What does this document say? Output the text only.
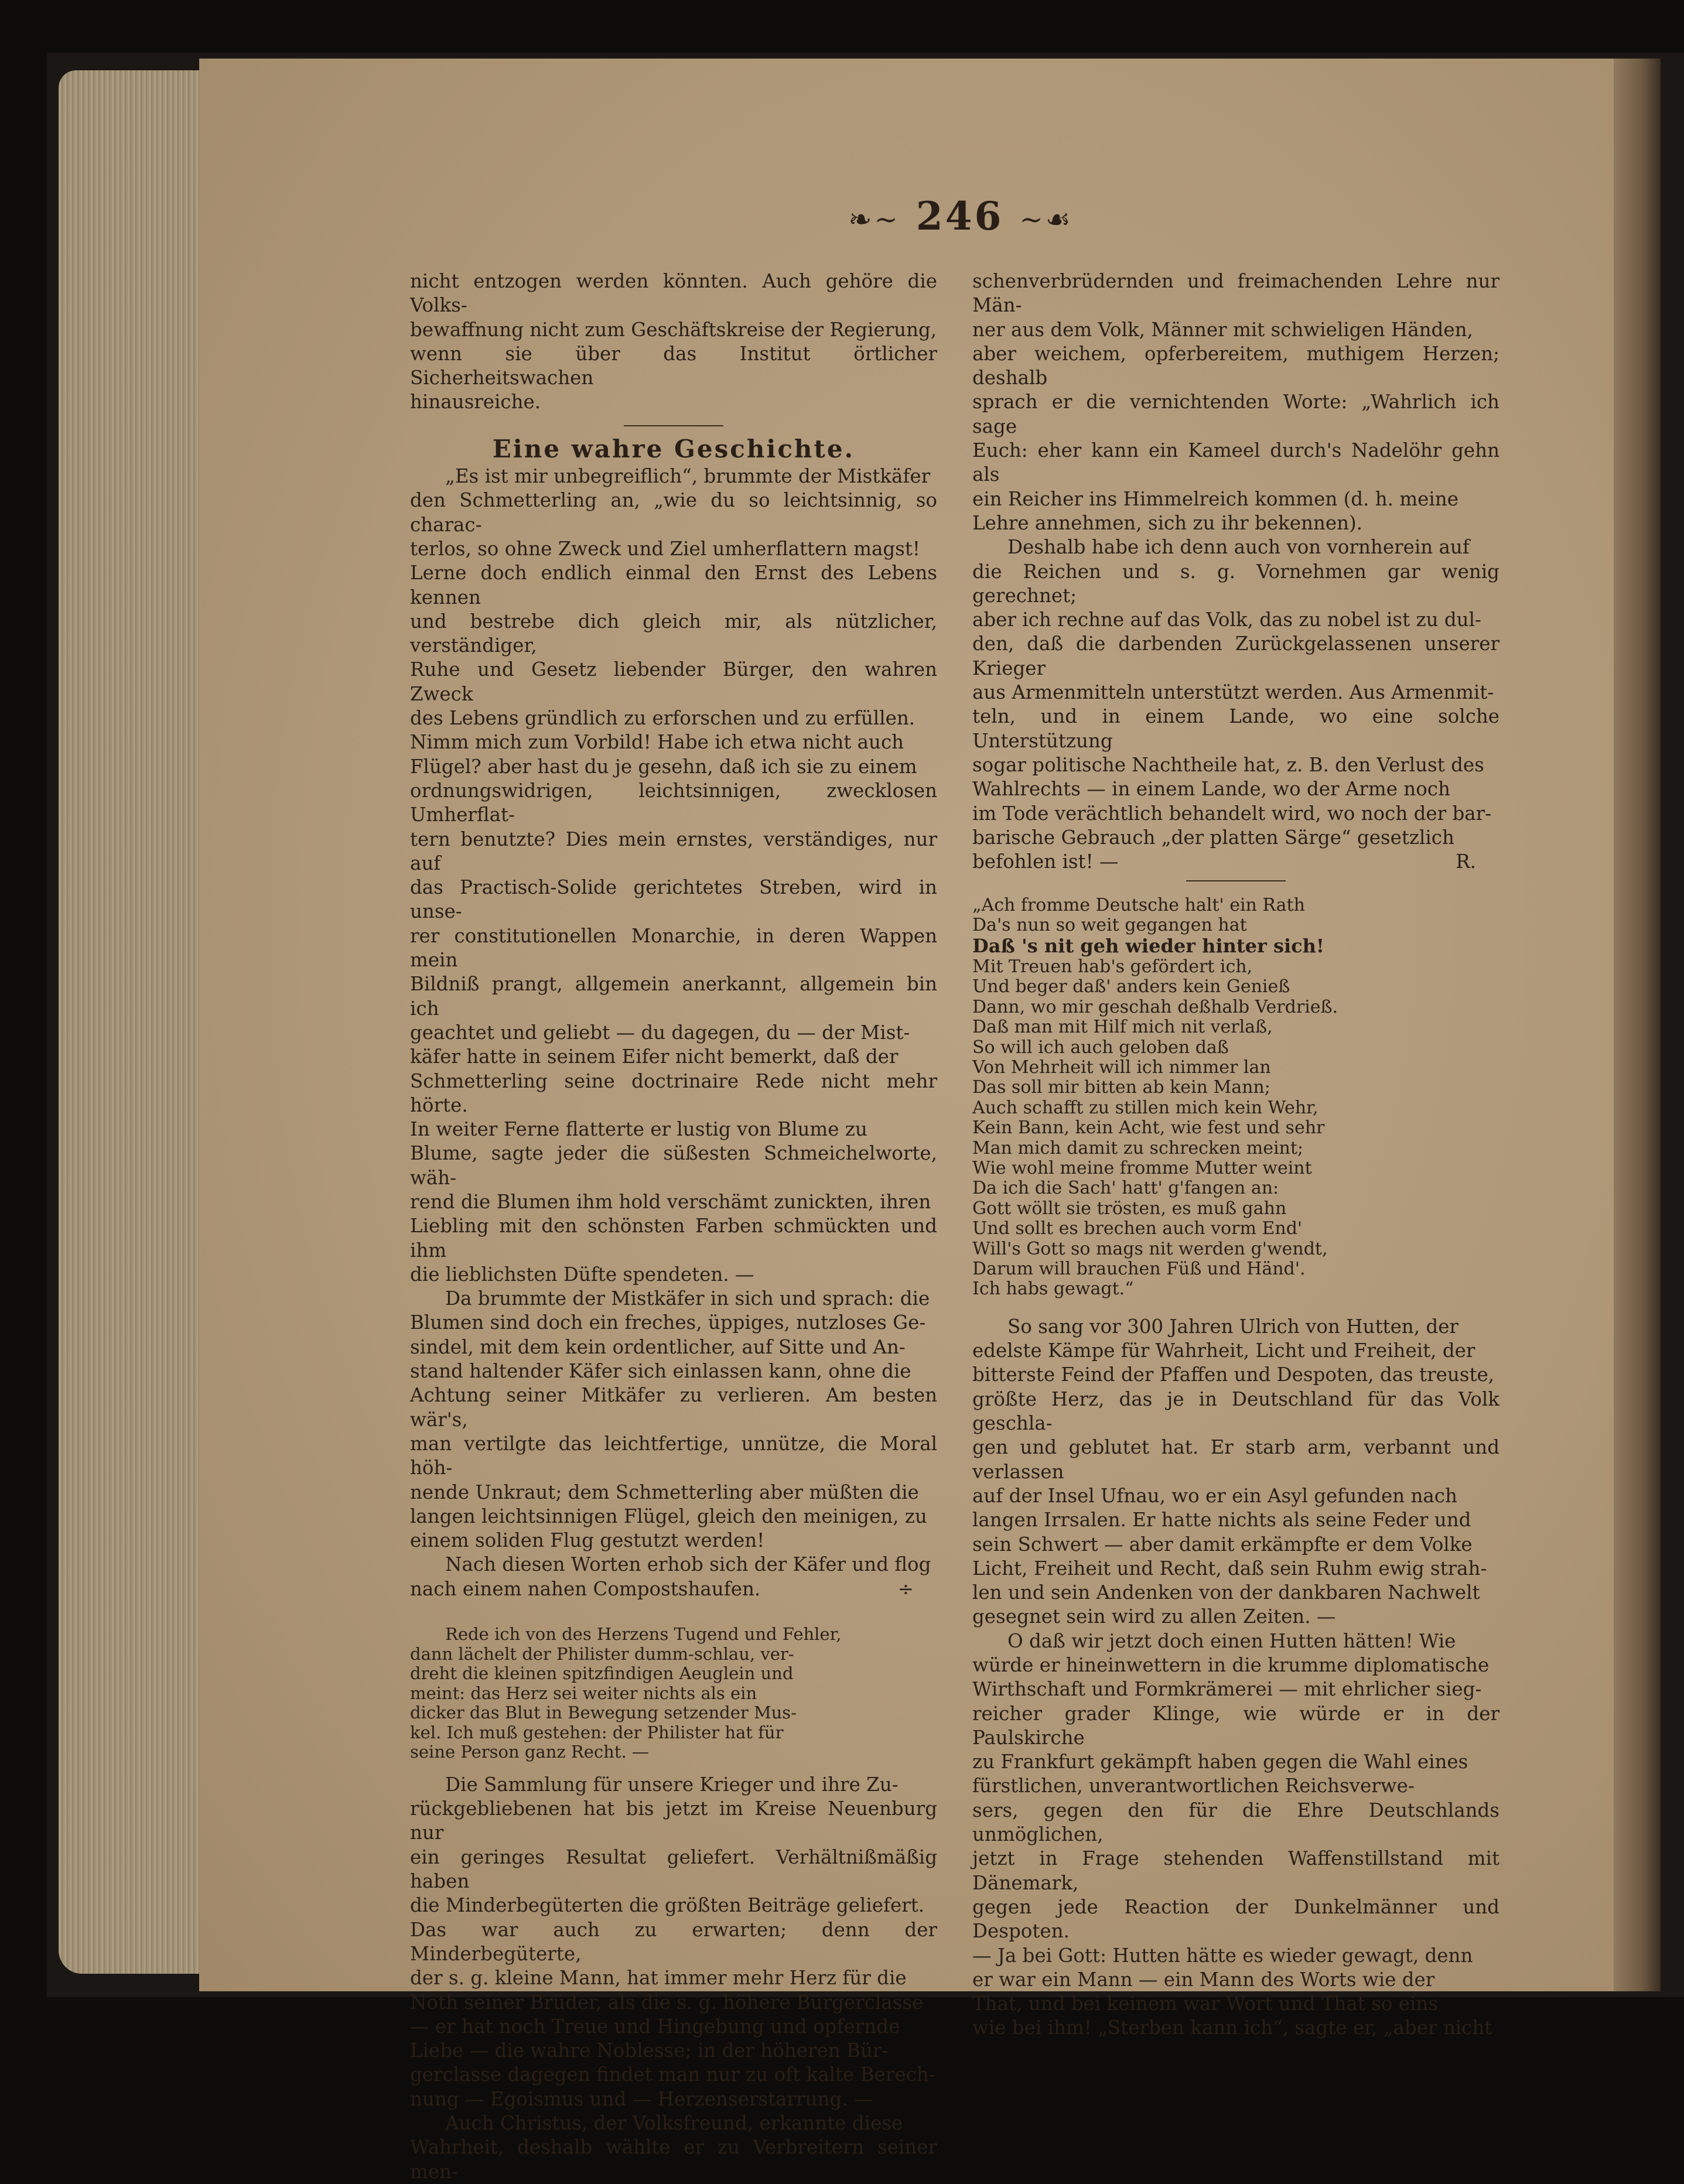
❧∼ 246 ∼☙

nicht entzogen werden könnten. Auch gehöre die Volks-
bewaffnung nicht zum Geschäftskreise der Regierung,
wenn sie über das Institut örtlicher Sicherheitswachen
hinausreiche.

Eine wahre Geschichte.

„Es ist mir unbegreiflich“, brummte der Mistkäfer
den Schmetterling an, „wie du so leichtsinnig, so charac-
terlos, so ohne Zweck und Ziel umherflattern magst!
Lerne doch endlich einmal den Ernst des Lebens kennen
und bestrebe dich gleich mir, als nützlicher, verständiger,
Ruhe und Gesetz liebender Bürger, den wahren Zweck
des Lebens gründlich zu erforschen und zu erfüllen.
Nimm mich zum Vorbild! Habe ich etwa nicht auch
Flügel? aber hast du je gesehn, daß ich sie zu einem
ordnungswidrigen, leichtsinnigen, zwecklosen Umherflat-
tern benutzte? Dies mein ernstes, verständiges, nur auf
das Practisch-Solide gerichtetes Streben, wird in unse-
rer constitutionellen Monarchie, in deren Wappen mein
Bildniß prangt, allgemein anerkannt, allgemein bin ich
geachtet und geliebt — du dagegen, du — der Mist-
käfer hatte in seinem Eifer nicht bemerkt, daß der
Schmetterling seine doctrinaire Rede nicht mehr hörte.
In weiter Ferne flatterte er lustig von Blume zu
Blume, sagte jeder die süßesten Schmeichelworte, wäh-
rend die Blumen ihm hold verschämt zunickten, ihren
Liebling mit den schönsten Farben schmückten und ihm
die lieblichsten Düfte spendeten. —

Da brummte der Mistkäfer in sich und sprach: die
Blumen sind doch ein freches, üppiges, nutzloses Ge-
sindel, mit dem kein ordentlicher, auf Sitte und An-
stand haltender Käfer sich einlassen kann, ohne die
Achtung seiner Mitkäfer zu verlieren. Am besten wär's,
man vertilgte das leichtfertige, unnütze, die Moral höh-
nende Unkraut; dem Schmetterling aber müßten die
langen leichtsinnigen Flügel, gleich den meinigen, zu
einem soliden Flug gestutzt werden!

Nach diesen Worten erhob sich der Käfer und flog
nach einem nahen Compostshaufen.	÷

Rede ich von des Herzens Tugend und Fehler,
dann lächelt der Philister dumm-schlau, ver-
dreht die kleinen spitzfindigen Aeuglein und
meint: das Herz sei weiter nichts als ein
dicker das Blut in Bewegung setzender Mus-
kel. Ich muß gestehen: der Philister hat für
seine Person ganz Recht. —

Die Sammlung für unsere Krieger und ihre Zu-
rückgebliebenen hat bis jetzt im Kreise Neuenburg nur
ein geringes Resultat geliefert. Verhältnißmäßig haben
die Minderbegüterten die größten Beiträge geliefert.
Das war auch zu erwarten; denn der Minderbegüterte,
der s. g. kleine Mann, hat immer mehr Herz für die
Noth seiner Brüder, als die s. g. höhere Bürgerclasse
— er hat noch Treue und Hingebung und opfernde
Liebe — die wahre Noblesse; in der höheren Bür-
gerclasse dagegen findet man nur zu oft kalte Berech-
nung — Egoismus und — Herzenserstarrung. —

Auch Christus, der Volksfreund, erkannte diese
Wahrheit, deshalb wählte er zu Verbreitern seiner men-

schenverbrüdernden und freimachenden Lehre nur Män-
ner aus dem Volk, Männer mit schwieligen Händen,
aber weichem, opferbereitem, muthigem Herzen; deshalb
sprach er die vernichtenden Worte: „Wahrlich ich sage
Euch: eher kann ein Kameel durch's Nadelöhr gehn als
ein Reicher ins Himmelreich kommen (d. h. meine
Lehre annehmen, sich zu ihr bekennen).

Deshalb habe ich denn auch von vornherein auf
die Reichen und s. g. Vornehmen gar wenig gerechnet;
aber ich rechne auf das Volk, das zu nobel ist zu dul-
den, daß die darbenden Zurückgelassenen unserer Krieger
aus Armenmitteln unterstützt werden. Aus Armenmit-
teln, und in einem Lande, wo eine solche Unterstützung
sogar politische Nachtheile hat, z. B. den Verlust des
Wahlrechts — in einem Lande, wo der Arme noch
im Tode verächtlich behandelt wird, wo noch der bar-
barische Gebrauch „der platten Särge“ gesetzlich
befohlen ist! —	R.

„Ach fromme Deutsche halt' ein Rath
Da's nun so weit gegangen hat
Daß 's nit geh wieder hinter sich!
Mit Treuen hab's gefördert ich,
Und beger daß' anders kein Genieß
Dann, wo mir geschah deßhalb Verdrieß.
Daß man mit Hilf mich nit verlaß,
So will ich auch geloben daß
Von Mehrheit will ich nimmer lan
Das soll mir bitten ab kein Mann;
Auch schafft zu stillen mich kein Wehr,
Kein Bann, kein Acht, wie fest und sehr
Man mich damit zu schrecken meint;
Wie wohl meine fromme Mutter weint
Da ich die Sach' hatt' g'fangen an:
Gott wöllt sie trösten, es muß gahn
Und sollt es brechen auch vorm End'
Will's Gott so mags nit werden g'wendt,
Darum will brauchen Füß und Händ'.
Ich habs gewagt.“

So sang vor 300 Jahren Ulrich von Hutten, der
edelste Kämpe für Wahrheit, Licht und Freiheit, der
bitterste Feind der Pfaffen und Despoten, das treuste,
größte Herz, das je in Deutschland für das Volk geschla-
gen und geblutet hat. Er starb arm, verbannt und verlassen
auf der Insel Ufnau, wo er ein Asyl gefunden nach
langen Irrsalen. Er hatte nichts als seine Feder und
sein Schwert — aber damit erkämpfte er dem Volke
Licht, Freiheit und Recht, daß sein Ruhm ewig strah-
len und sein Andenken von der dankbaren Nachwelt
gesegnet sein wird zu allen Zeiten. —

O daß wir jetzt doch einen Hutten hätten! Wie
würde er hineinwettern in die krumme diplomatische
Wirthschaft und Formkrämerei — mit ehrlicher sieg-
reicher grader Klinge, wie würde er in der Paulskirche
zu Frankfurt gekämpft haben gegen die Wahl eines
fürstlichen, unverantwortlichen Reichsverwe-
sers, gegen den für die Ehre Deutschlands unmöglichen,
jetzt in Frage stehenden Waffenstillstand mit Dänemark,
gegen jede Reaction der Dunkelmänner und Despoten.
— Ja bei Gott: Hutten hätte es wieder gewagt, denn
er war ein Mann — ein Mann des Worts wie der
That, und bei keinem war Wort und That so eins
wie bei ihm! „Sterben kann ich“, sagte er, „aber nicht
